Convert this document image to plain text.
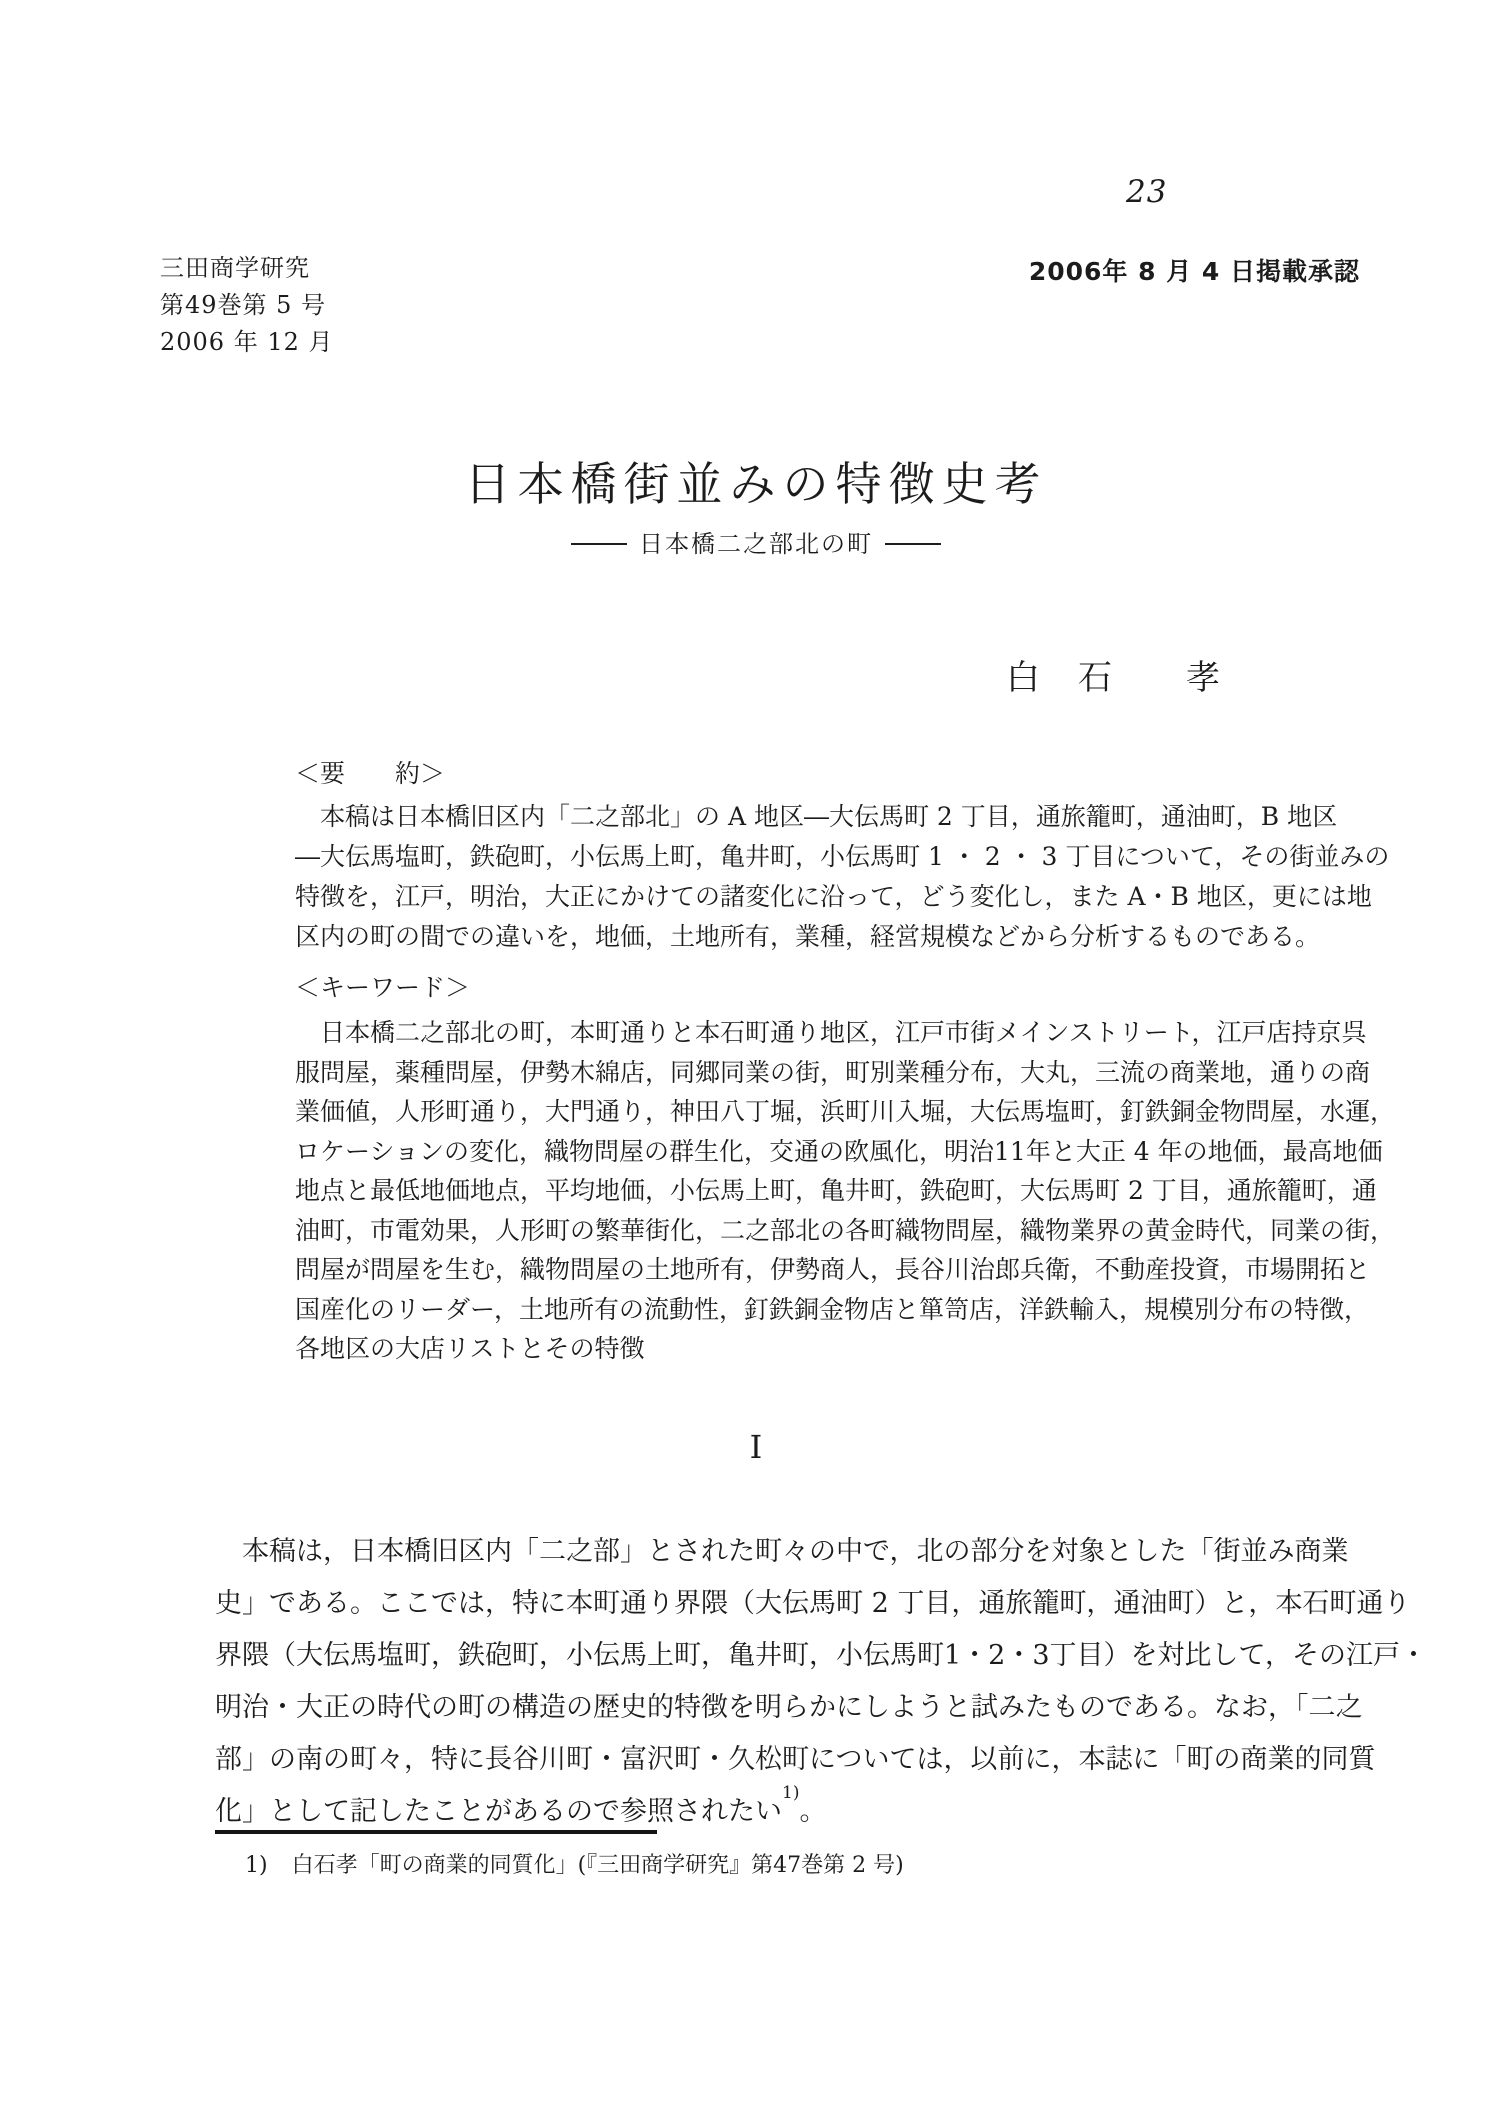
23
三田商学研究
第49巻第 5 号
2006 年 12 月
2006年 8 月 4 日掲載承認
日本橋街並みの特徴史考
日本橋二之部北の町
白　石　　孝
＜要　　約＞
　本稿は日本橋旧区内「二之部北」の A 地区―大伝馬町 2 丁目，通旅籠町，通油町，B 地区
―大伝馬塩町，鉄砲町，小伝馬上町，亀井町，小伝馬町 1 ・ 2 ・ 3 丁目について，その街並みの
特徴を，江戸，明治，大正にかけての諸変化に沿って，どう変化し，また A・B 地区，更には地
区内の町の間での違いを，地価，土地所有，業種，経営規模などから分析するものである。
＜キーワード＞
　日本橋二之部北の町，本町通りと本石町通り地区，江戸市街メインストリート，江戸店持京呉
服問屋，薬種問屋，伊勢木綿店，同郷同業の街，町別業種分布，大丸，三流の商業地，通りの商
業価値，人形町通り，大門通り，神田八丁堀，浜町川入堀，大伝馬塩町，釘鉄銅金物問屋，水運，
ロケーションの変化，織物問屋の群生化，交通の欧風化，明治11年と大正 4 年の地価，最高地価
地点と最低地価地点，平均地価，小伝馬上町，亀井町，鉄砲町，大伝馬町 2 丁目，通旅籠町，通
油町，市電効果，人形町の繁華街化，二之部北の各町織物問屋，織物業界の黄金時代，同業の街，
問屋が問屋を生む，織物問屋の土地所有，伊勢商人，長谷川治郎兵衛，不動産投資，市場開拓と
国産化のリーダー，土地所有の流動性，釘鉄銅金物店と箪笥店，洋鉄輸入，規模別分布の特徴，
各地区の大店リストとその特徴
I
　本稿は，日本橋旧区内「二之部」とされた町々の中で，北の部分を対象とした「街並み商業
史」である。ここでは，特に本町通り界隈（大伝馬町 2 丁目，通旅籠町，通油町）と，本石町通り
界隈（大伝馬塩町，鉄砲町，小伝馬上町，亀井町，小伝馬町1・2・3丁目）を対比して，その江戸・
明治・大正の時代の町の構造の歴史的特徴を明らかにしようと試みたものである。なお，「二之
部」の南の町々，特に長谷川町・富沢町・久松町については，以前に，本誌に「町の商業的同質
化」として記したことがあるので参照されたい$^{1)}$。
1) 白石孝「町の商業的同質化」(『三田商学研究』第47巻第 2 号)
